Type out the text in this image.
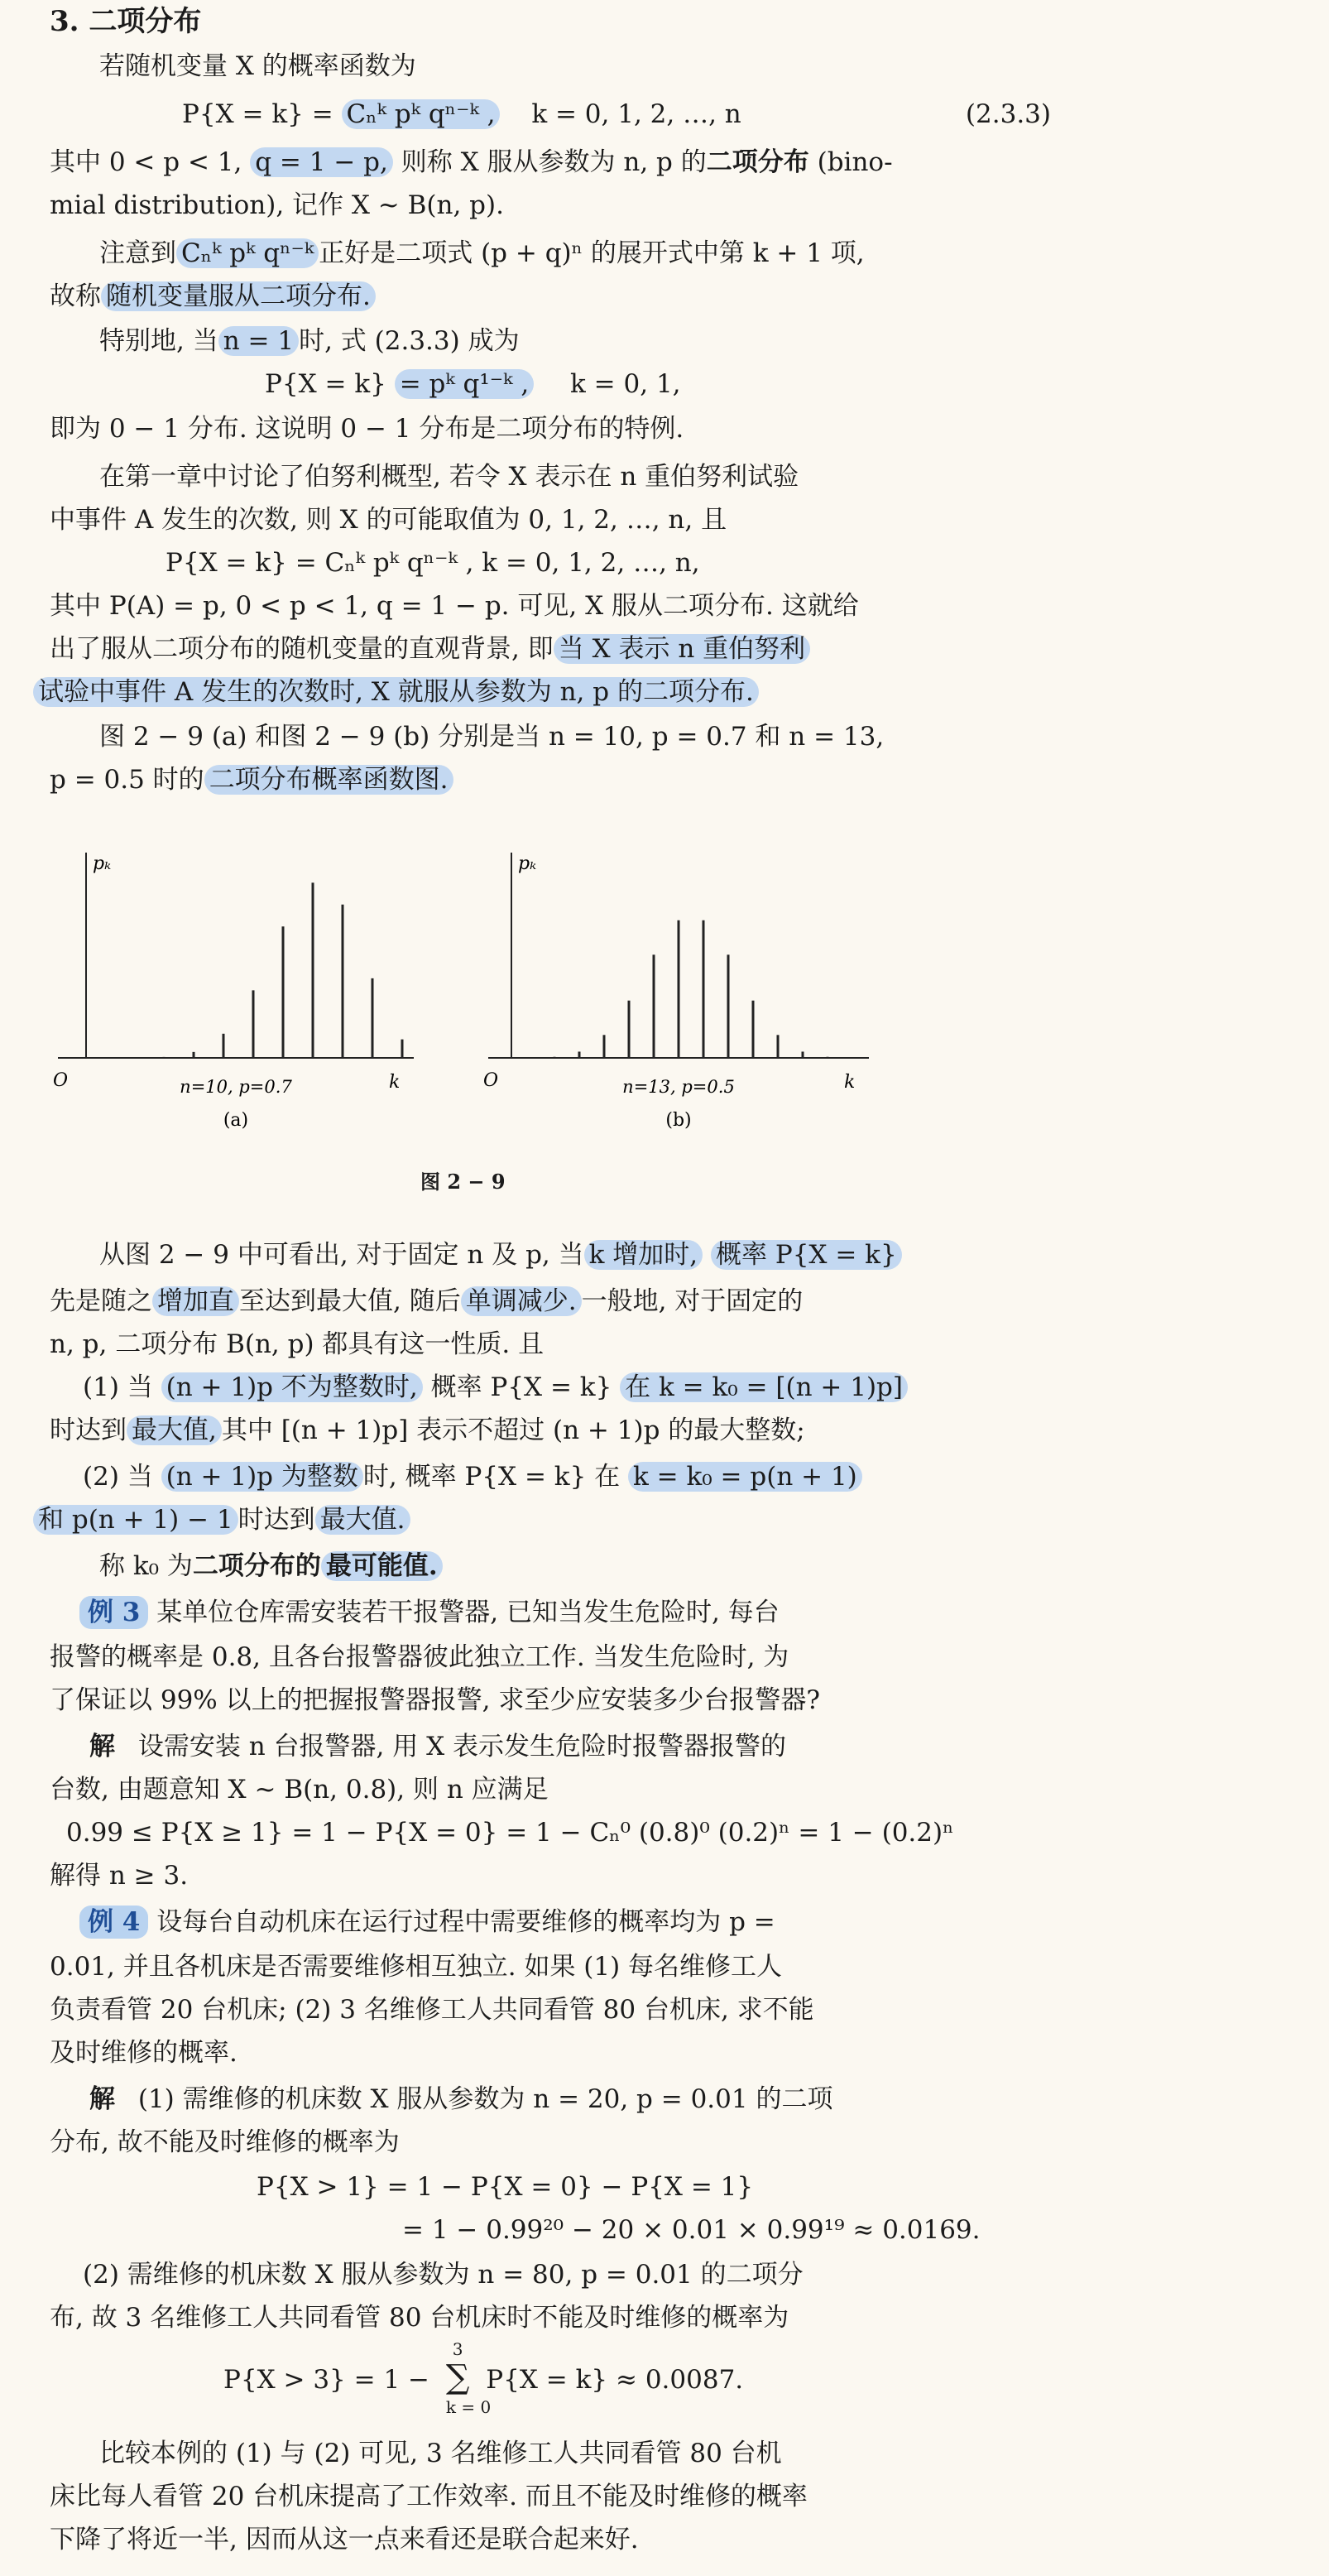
3. 二项分布
若随机变量 X 的概率函数为
P{X = k} = Cₙᵏ pᵏ qⁿ⁻ᵏ , k = 0, 1, 2, …, n	(2.3.3)
其中 0 < p < 1, q = 1 − p, 则称 X 服从参数为 n, p 的二项分布 (bino-
mial distribution), 记作 X ~ B(n, p).
注意到 Cₙᵏ pᵏ qⁿ⁻ᵏ 正好是二项式 (p + q)ⁿ 的展开式中第 k + 1 项,
故称 随机变量服从二项分布.
特别地, 当 n = 1 时, 式 (2.3.3) 成为
P{X = k} = pᵏ q¹⁻ᵏ , k = 0, 1,
即为 0 − 1 分布. 这说明 0 − 1 分布是二项分布的特例.
在第一章中讨论了伯努利概型, 若令 X 表示在 n 重伯努利试验
中事件 A 发生的次数, 则 X 的可能取值为 0, 1, 2, …, n, 且
P{X = k} = Cₙᵏ pᵏ qⁿ⁻ᵏ , k = 0, 1, 2, …, n,
其中 P(A) = p, 0 < p < 1, q = 1 − p. 可见, X 服从二项分布. 这就给
出了服从二项分布的随机变量的直观背景, 即 当 X 表示 n 重伯努利
试验中事件 A 发生的次数时, X 就服从参数为 n, p 的二项分布.
图 2 − 9 (a) 和图 2 − 9 (b) 分别是当 n = 10, p = 0.7 和 n = 13,
p = 0.5 时的 二项分布概率函数图.
pₖ
k
O	n=10, p=0.7
(a)
pₖ
k
O	n=13, p=0.5
(b)
图 2 − 9
从图 2 − 9 中可看出, 对于固定 n 及 p, 当 k 增加时, 概率 P{X = k}
先是随之 增加直 至达到最大值, 随后 单调减少. 一般地, 对于固定的
n, p, 二项分布 B(n, p) 都具有这一性质. 且
(1) 当 (n + 1)p 不为整数时, 概率 P{X = k} 在 k = k₀ = [(n + 1)p]
时达到 最大值, 其中 [(n + 1)p] 表示不超过 (n + 1)p 的最大整数;
(2) 当 (n + 1)p 为整数 时, 概率 P{X = k} 在 k = k₀ = p(n + 1)
和 p(n + 1) − 1 时达到 最大值.
称 k₀ 为二项分布的 最可能值.
例 3 某单位仓库需安装若干报警器, 已知当发生危险时, 每台
报警的概率是 0.8, 且各台报警器彼此独立工作. 当发生危险时, 为
了保证以 99% 以上的把握报警器报警, 求至少应安装多少台报警器?
解 设需安装 n 台报警器, 用 X 表示发生危险时报警器报警的
台数, 由题意知 X ~ B(n, 0.8), 则 n 应满足
0.99 ≤ P{X ≥ 1} = 1 − P{X = 0} = 1 − Cₙ⁰ (0.8)⁰ (0.2)ⁿ = 1 − (0.2)ⁿ
解得 n ≥ 3.
例 4 设每台自动机床在运行过程中需要维修的概率均为 p =
0.01, 并且各机床是否需要维修相互独立. 如果 (1) 每名维修工人
负责看管 20 台机床; (2) 3 名维修工人共同看管 80 台机床, 求不能
及时维修的概率.
解 (1) 需维修的机床数 X 服从参数为 n = 20, p = 0.01 的二项
分布, 故不能及时维修的概率为
P{X > 1} = 1 − P{X = 0} − P{X = 1}
= 1 − 0.99²⁰ − 20 × 0.01 × 0.99¹⁹ ≈ 0.0169.
(2) 需维修的机床数 X 服从参数为 n = 80, p = 0.01 的二项分
布, 故 3 名维修工人共同看管 80 台机床时不能及时维修的概率为
P{X > 3} = 1 −
3
∑
k = 0
P{X = k} ≈ 0.0087.
比较本例的 (1) 与 (2) 可见, 3 名维修工人共同看管 80 台机
床比每人看管 20 台机床提高了工作效率. 而且不能及时维修的概率
下降了将近一半, 因而从这一点来看还是联合起来好.
